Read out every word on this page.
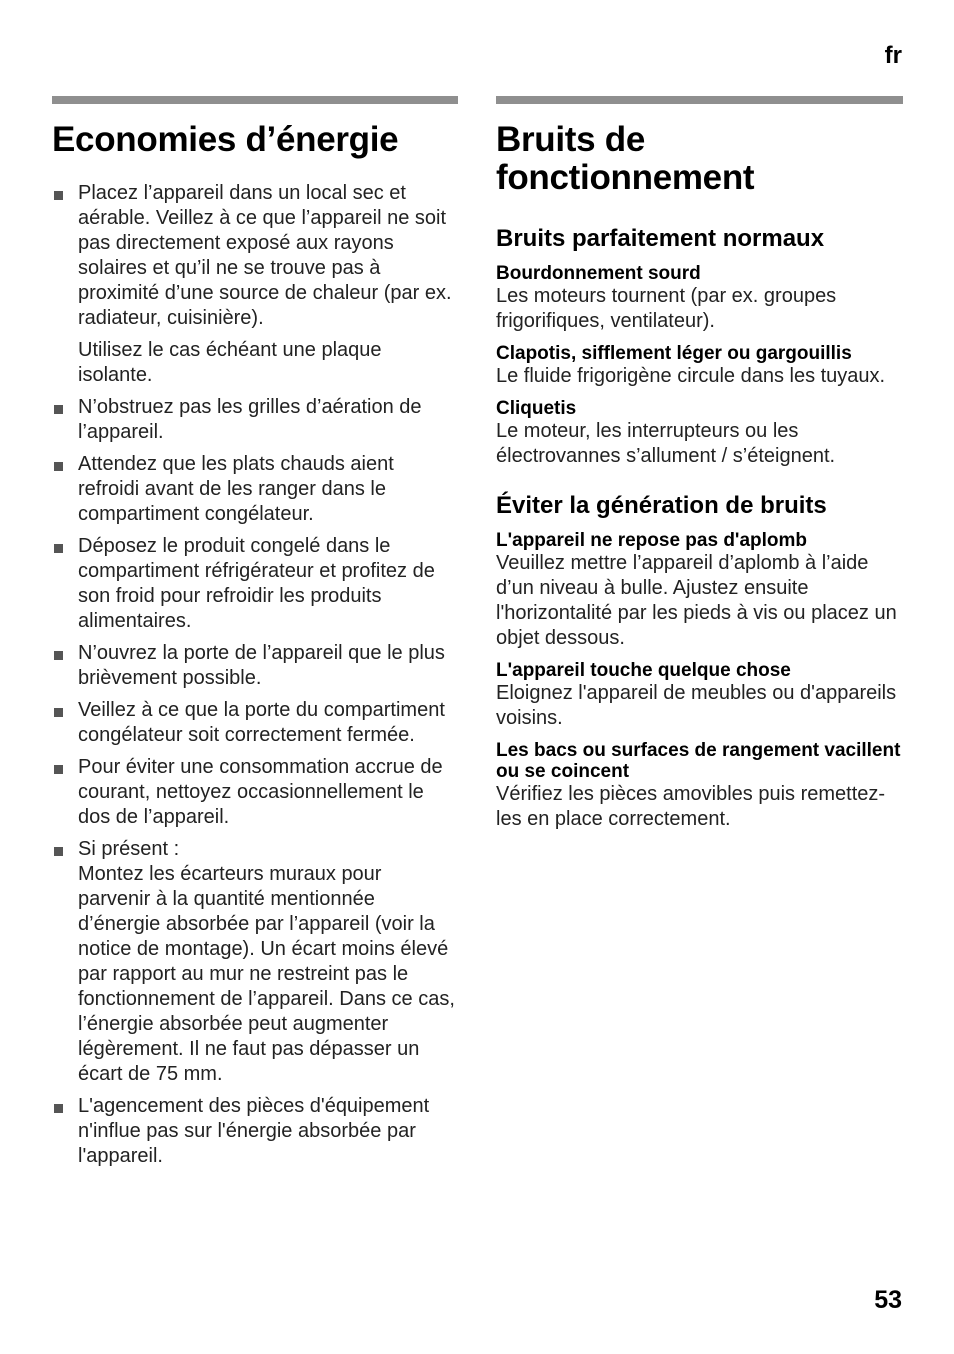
fr
Economies d’énergie

Placez l’appareil dans un local sec et aérable. Veillez à ce que l’appareil ne soit pas directement exposé aux rayons solaires et qu’il ne se trouve pas à proximité d’une source de chaleur (par ex. radiateur, cuisinière).

Utilisez le cas échéant une plaque isolante.

N’obstruez pas les grilles d’aération de l’appareil.

Attendez que les plats chauds aient refroidi avant de les ranger dans le compartiment congélateur.

Déposez le produit congelé dans le compartiment réfrigérateur et profitez de son froid pour refroidir les produits alimentaires.

N’ouvrez la porte de l’appareil que le plus brièvement possible.

Veillez à ce que la porte du compartiment congélateur soit correctement fermée.

Pour éviter une consommation accrue de courant, nettoyez occasionnellement le dos de l’appareil.

Si présent :

Montez les écarteurs muraux pour parvenir à la quantité mentionnée d’énergie absorbée par l’appareil (voir la notice de montage). Un écart moins élevé par rapport au mur ne restreint pas le fonctionnement de l’appareil. Dans ce cas, l’énergie absorbée peut augmenter légèrement. Il ne faut pas dépasser un écart de 75 mm.

L'agencement des pièces d'équipement n'influe pas sur l'énergie absorbée par l'appareil.

Bruits de fonctionnement
Bruits parfaitement normaux
Bourdonnement sourd
Les moteurs tournent (par ex. groupes frigorifiques, ventilateur).
Clapotis, sifflement léger ou gargouillis
Le fluide frigorigène circule dans les tuyaux.
Cliquetis
Le moteur, les interrupteurs ou les électrovannes s’allument / s’éteignent.
Éviter la génération de bruits
L'appareil ne repose pas d'aplomb
Veuillez mettre l’appareil d’aplomb à l’aide d’un niveau à bulle. Ajustez ensuite l'horizontalité par les pieds à vis ou placez un objet dessous.
L'appareil touche quelque chose
Eloignez l'appareil de meubles ou d'appareils voisins.
Les bacs ou surfaces de rangement vacillent ou se coincent
Vérifiez les pièces amovibles puis remettez-les en place correctement.
53
